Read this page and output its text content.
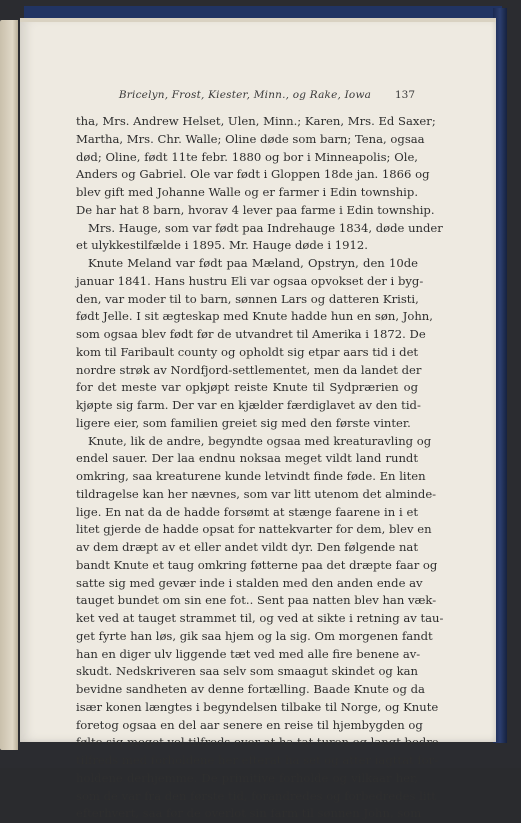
Bricelyn, Frost, Kiester, Minn., og Rake, Iowa	137
tha, Mrs. Andrew Helset, Ulen, Minn.; Karen, Mrs. Ed Saxer;
Martha, Mrs. Chr. Walle; Oline døde som barn; Tena, ogsaa
død; Oline, født 11te febr. 1880 og bor i Minneapolis; Ole,
Anders og Gabriel. Ole var født i Gloppen 18de jan. 1866 og
blev gift med Johanne Walle og er farmer i Edin township.
De har hat 8 barn, hvorav 4 lever paa farme i Edin township.
Mrs. Hauge, som var født paa Indrehauge 1834, døde under
et ulykkestilfælde i 1895. Mr. Hauge døde i 1912.
Knute Meland var født paa Mæland, Opstryn, den 10de
januar 1841. Hans hustru Eli var ogsaa opvokset der i byg-
den, var moder til to barn, sønnen Lars og datteren Kristi,
født Jelle. I sit ægteskap med Knute hadde hun en søn, John,
som ogsaa blev født før de utvandret til Amerika i 1872. De
kom til Faribault county og opholdt sig etpar aars tid i det
nordre strøk av Nordfjord-settlementet, men da landet der
for det meste var opkjøpt reiste Knute til Sydprærien og
kjøpte sig farm. Der var en kjælder færdiglavet av den tid-
ligere eier, som familien greiet sig med den første vinter.
Knute, lik de andre, begyndte ogsaa med kreaturavling og
endel sauer. Der laa endnu noksaa meget vildt land rundt
omkring, saa kreaturene kunde letvindt finde føde. En liten
tildragelse kan her nævnes, som var litt utenom det alminde-
lige. En nat da de hadde forsømt at stænge faarene in i et
litet gjerde de hadde opsat for nattekvarter for dem, blev en
av dem dræpt av et eller andet vildt dyr. Den følgende nat
bandt Knute et taug omkring føtterne paa det dræpte faar og
satte sig med gevær inde i stalden med den anden ende av
tauget bundet om sin ene fot.. Sent paa natten blev han væk-
ket ved at tauget strammet til, og ved at sikte i retning av tau-
get fyrte han løs, gik saa hjem og la sig. Om morgenen fandt
han en diger ulv liggende tæt ved med alle fire benene av-
skudt. Nedskriveren saa selv som smaagut skindet og kan
bevidne sandheten av denne fortælling. Baade Knute og da
især konen længtes i begyndelsen tilbake til Norge, og Knute
foretog ogsaa en del aar senere en reise til hjembygden og
følte sig meget vel tilfreds over at ha tat turen og langt bedre
tilfreds med forholdene her efterat ha set og atter iagttat for-
holdene derhjemme. De primitive forholde og vilkaar her,
som de var fra den første tid, forandredes og forbedredes litt
efterhvert, saa før de overlot sin farm til sønnen John, som
